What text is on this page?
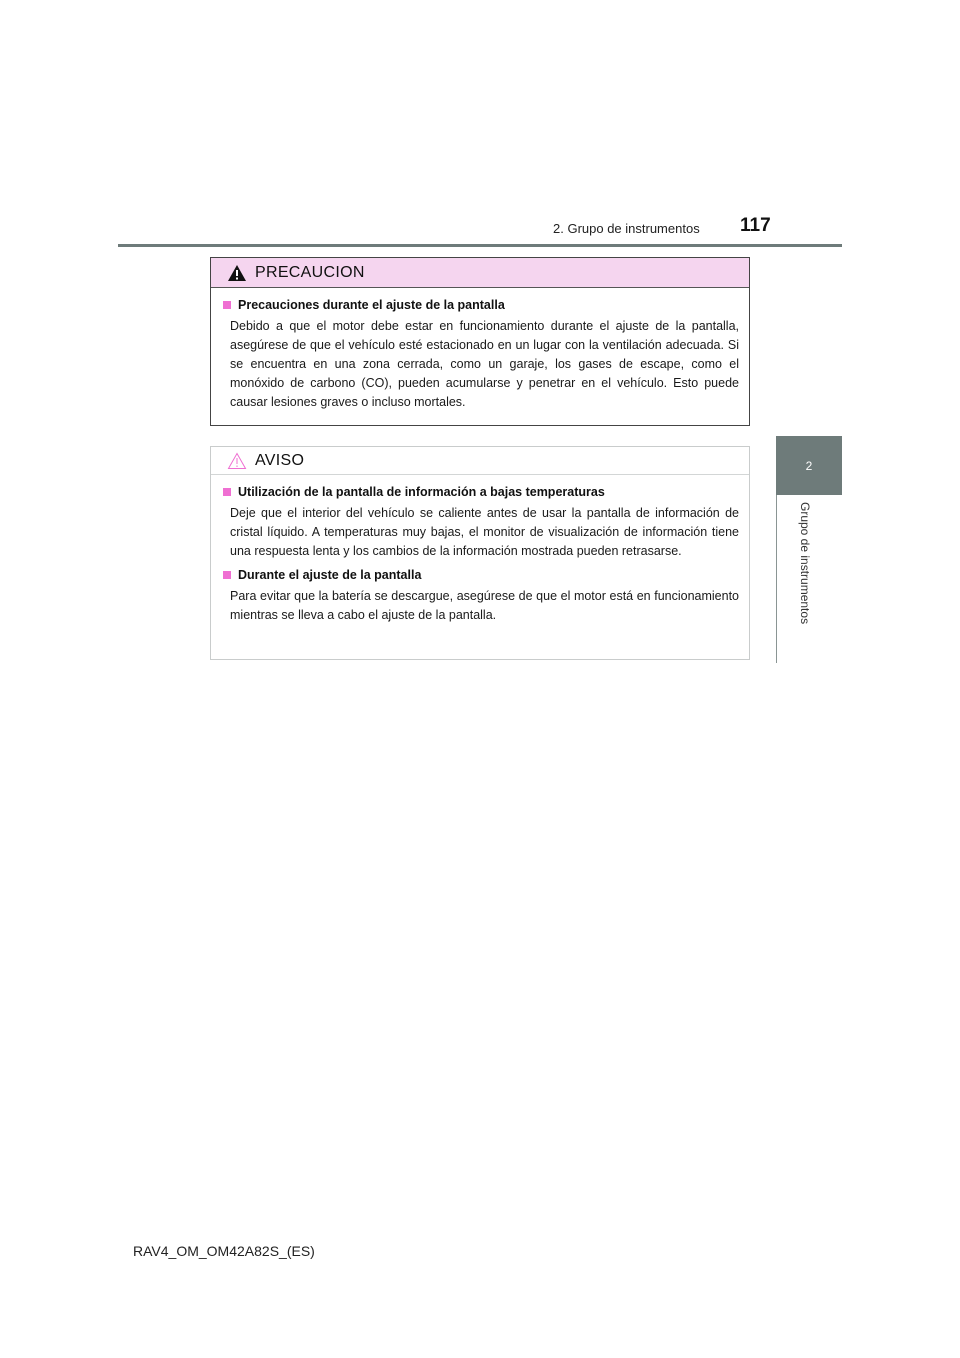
2. Grupo de instrumentos 117
2
Grupo de instrumentos
PRECAUCION
Precauciones durante el ajuste de la pantalla
Debido a que el motor debe estar en funcionamiento durante el ajuste de la pantalla, asegúrese de que el vehículo esté estacionado en un lugar con la ventilación adecuada. Si se encuentra en una zona cerrada, como un garaje, los gases de escape, como el monóxido de carbono (CO), pueden acumularse y penetrar en el vehículo. Esto puede causar lesiones graves o incluso mortales.
AVISO
Utilización de la pantalla de información a bajas temperaturas
Deje que el interior del vehículo se caliente antes de usar la pantalla de información de cristal líquido. A temperaturas muy bajas, el monitor de visualización de información tiene una respuesta lenta y los cambios de la información mostrada pueden retrasarse.
Durante el ajuste de la pantalla
Para evitar que la batería se descargue, asegúrese de que el motor está en funcionamiento mientras se lleva a cabo el ajuste de la pantalla.
RAV4_OM_OM42A82S_(ES)
